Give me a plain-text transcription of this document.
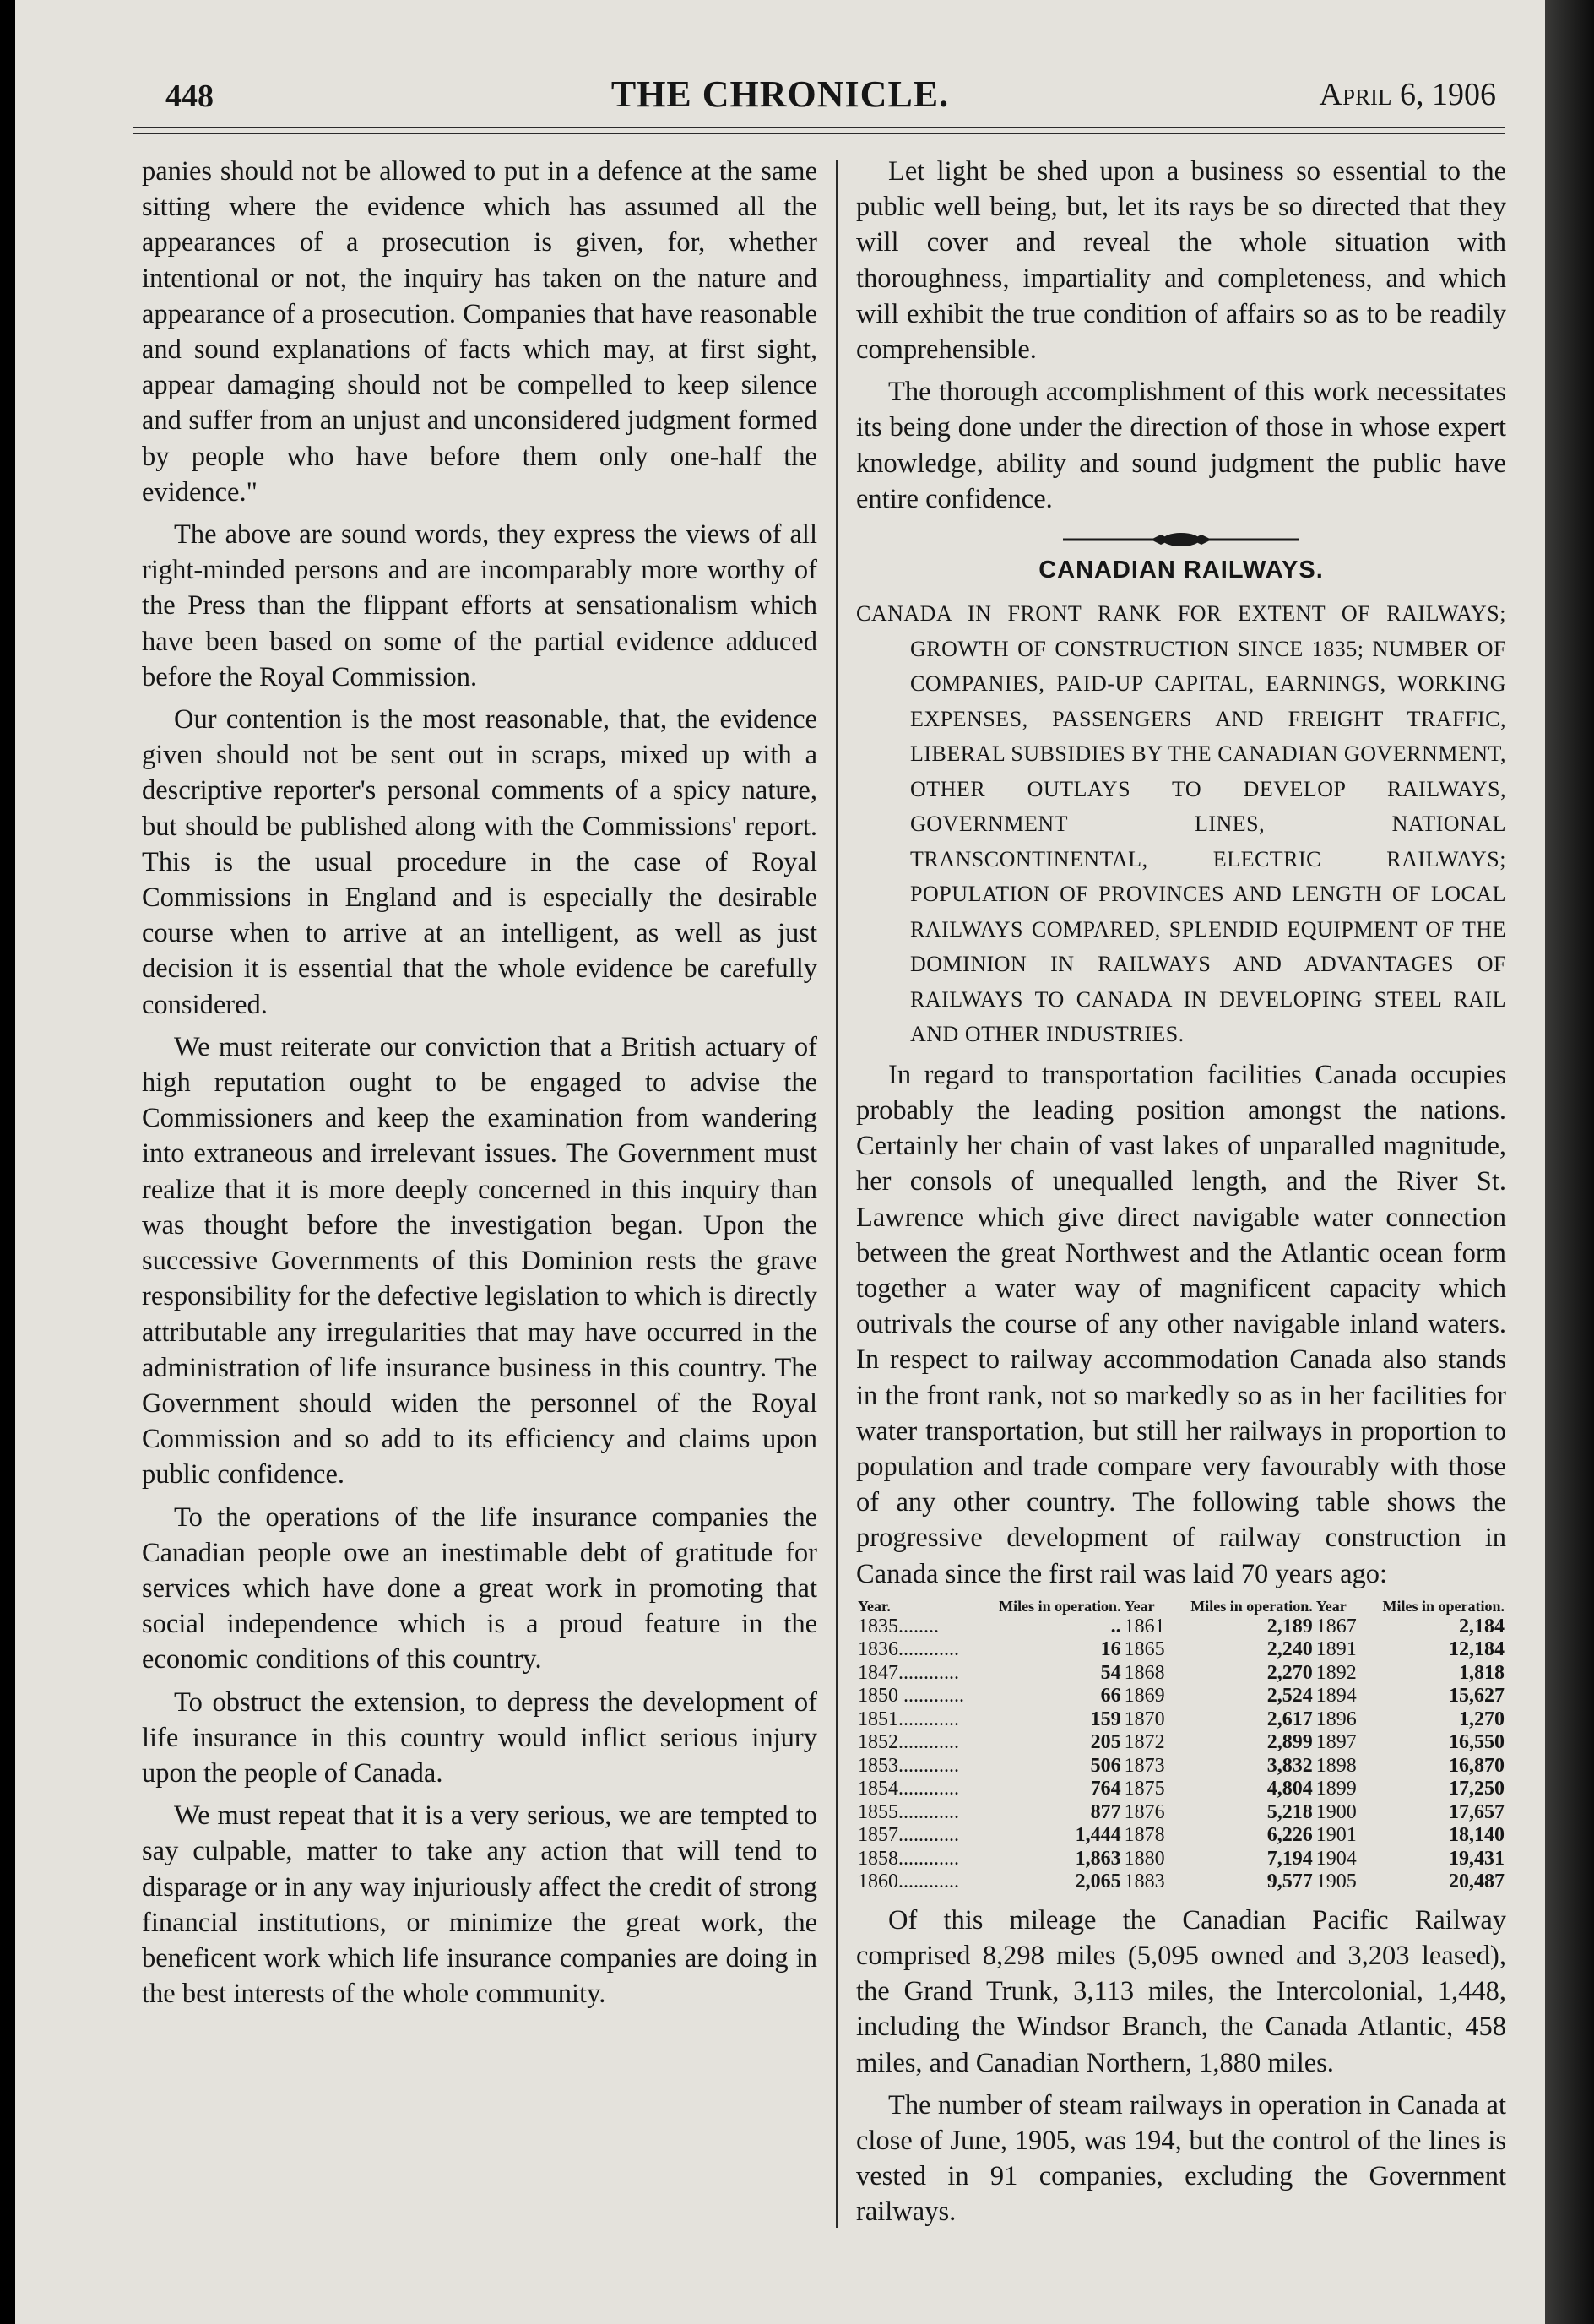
448	THE CHRONICLE.	April 6, 1906

panies should not be allowed to put in a defence at the same sitting where the evidence which has assumed all the appearances of a prosecution is given, for, whether intentional or not, the inquiry has taken on the nature and appearance of a prosecution. Companies that have reasonable and sound explanations of facts which may, at first sight, appear damaging should not be compelled to keep silence and suffer from an unjust and unconsidered judgment formed by people who have before them only one-half the evidence."

The above are sound words, they express the views of all right-minded persons and are incomparably more worthy of the Press than the flippant efforts at sensationalism which have been based on some of the partial evidence adduced before the Royal Commission.

Our contention is the most reasonable, that, the evidence given should not be sent out in scraps, mixed up with a descriptive reporter's personal comments of a spicy nature, but should be published along with the Commissions' report. This is the usual procedure in the case of Royal Commissions in England and is especially the desirable course when to arrive at an intelligent, as well as just decision it is essential that the whole evidence be carefully considered.

We must reiterate our conviction that a British actuary of high reputation ought to be engaged to advise the Commissioners and keep the examination from wandering into extraneous and irrelevant issues. The Government must realize that it is more deeply concerned in this inquiry than was thought before the investigation began. Upon the successive Governments of this Dominion rests the grave responsibility for the defective legislation to which is directly attributable any irregularities that may have occurred in the administration of life insurance business in this country. The Government should widen the personnel of the Royal Commission and so add to its efficiency and claims upon public confidence.

To the operations of the life insurance companies the Canadian people owe an inestimable debt of gratitude for services which have done a great work in promoting that social independence which is a proud feature in the economic conditions of this country.

To obstruct the extension, to depress the development of life insurance in this country would inflict serious injury upon the people of Canada.

We must repeat that it is a very serious, we are tempted to say culpable, matter to take any action that will tend to disparage or in any way injuriously affect the credit of strong financial institutions, or minimize the great work, the beneficent work which life insurance companies are doing in the best interests of the whole community.

Let light be shed upon a business so essential to the public well being, but, let its rays be so directed that they will cover and reveal the whole situation with thoroughness, impartiality and completeness, and which will exhibit the true condition of affairs so as to be readily comprehensible.

The thorough accomplishment of this work necessitates its being done under the direction of those in whose expert knowledge, ability and sound judgment the public have entire confidence.

CANADIAN RAILWAYS.
CANADA IN FRONT RANK FOR EXTENT OF RAILWAYS; GROWTH OF CONSTRUCTION SINCE 1835; NUMBER OF COMPANIES, PAID-UP CAPITAL, EARNINGS, WORKING EXPENSES, PASSENGERS AND FREIGHT TRAFFIC, LIBERAL SUBSIDIES BY THE CANADIAN GOVERNMENT, OTHER OUTLAYS TO DEVELOP RAILWAYS, GOVERNMENT LINES, NATIONAL TRANSCONTINENTAL, ELECTRIC RAILWAYS; POPULATION OF PROVINCES AND LENGTH OF LOCAL RAILWAYS COMPARED, SPLENDID EQUIPMENT OF THE DOMINION IN RAILWAYS AND ADVANTAGES OF RAILWAYS TO CANADA IN DEVELOPING STEEL RAIL AND OTHER INDUSTRIES.

In regard to transportation facilities Canada occupies probably the leading position amongst the nations. Certainly her chain of vast lakes of unparalled magnitude, her consols of unequalled length, and the River St. Lawrence which give direct navigable water connection between the great Northwest and the Atlantic ocean form together a water way of magnificent capacity which outrivals the course of any other navigable inland waters. In respect to railway accommodation Canada also stands in the front rank, not so markedly so as in her facilities for water transportation, but still her railways in proportion to population and trade compare very favourably with those of any other country. The following table shows the progressive development of railway construction in Canada since the first rail was laid 70 years ago:

Year.	Miles in operation.	Year	Miles in operation.	Year	Miles in operation.
1835........	..	1861	2,189	1867	2,184
1836............	16	1865	2,240	1891	12,184
1847............	54	1868	2,270	1892	1,818
1850 ............	66	1869	2,524	1894	15,627
1851............	159	1870	2,617	1896	1,270
1852............	205	1872	2,899	1897	16,550
1853............	506	1873	3,832	1898	16,870
1854............	764	1875	4,804	1899	17,250
1855............	877	1876	5,218	1900	17,657
1857............	1,444	1878	6,226	1901	18,140
1858............	1,863	1880	7,194	1904	19,431
1860............	2,065	1883	9,577	1905	20,487

Of this mileage the Canadian Pacific Railway comprised 8,298 miles (5,095 owned and 3,203 leased), the Grand Trunk, 3,113 miles, the Intercolonial, 1,448, including the Windsor Branch, the Canada Atlantic, 458 miles, and Canadian Northern, 1,880 miles.

The number of steam railways in operation in Canada at close of June, 1905, was 194, but the control of the lines is vested in 91 companies, excluding the Government railways.
